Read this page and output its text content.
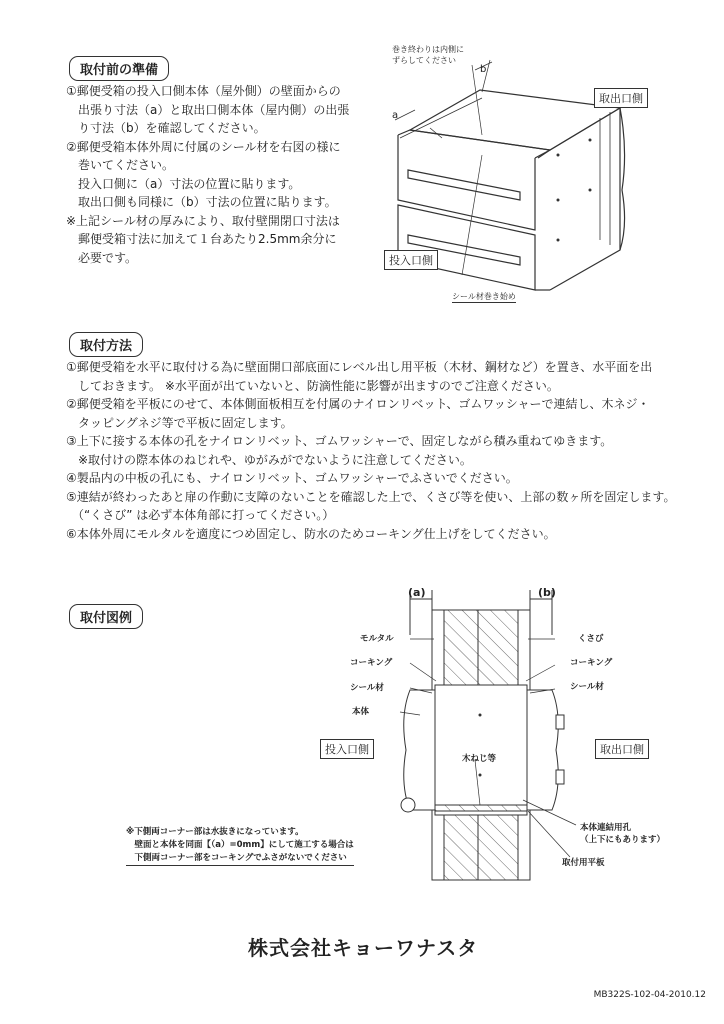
取付前の準備
①郵便受箱の投入口側本体（屋外側）の壁面からの
　出張り寸法（a）と取出口側本体（屋内側）の出張
　り寸法（b）を確認してください。
②郵便受箱本体外周に付属のシール材を右図の様に
　巻いてください。
　投入口側に（a）寸法の位置に貼ります。
　取出口側も同様に（b）寸法の位置に貼ります。
※上記シール材の厚みにより、取付壁開閉口寸法は
　郵便受箱寸法に加えて１台あたり2.5mm余分に
　必要です。
巻き終わりは内側に
ずらしてください
a
b
取出口側
投入口側
シール材巻き始め
取付方法
①郵便受箱を水平に取付ける為に壁面開口部底面にレベル出し用平板（木材、鋼材など）を置き、水平面を出
　しておきます。 ※水平面が出ていないと、防滴性能に影響が出ますのでご注意ください。
②郵便受箱を平板にのせて、本体側面板相互を付属のナイロンリベット、ゴムワッシャーで連結し、木ネジ・
　タッピングネジ等で平板に固定します。
③上下に接する本体の孔をナイロンリベット、ゴムワッシャーで、固定しながら積み重ねてゆきます。
　※取付けの際本体のねじれや、ゆがみがでないように注意してください。
④製品内の中板の孔にも、ナイロンリベット、ゴムワッシャーでふさいでください。
⑤連結が終わったあと扉の作動に支障のないことを確認した上で、くさび等を使い、上部の数ヶ所を固定します。
　（“くさび” は必ず本体角部に打ってください。）
⑥本体外周にモルタルを適度につめ固定し、防水のためコーキング仕上げをしてください。
取付図例
(a)	(b)
モルタル
コーキング
シール材
本体
投入口側	取出口側
くさび
コーキング
シール材
木ねじ等
本体連結用孔
（上下にもあります）
取付用平板
※下側両コーナー部は水抜きになっています。
　壁面と本体を同面【（a）=0mm】にして施工する場合は
　下側両コーナー部をコーキングでふさがないでください
株式会社キョーワナスタ
MB322S-102-04-2010.12
